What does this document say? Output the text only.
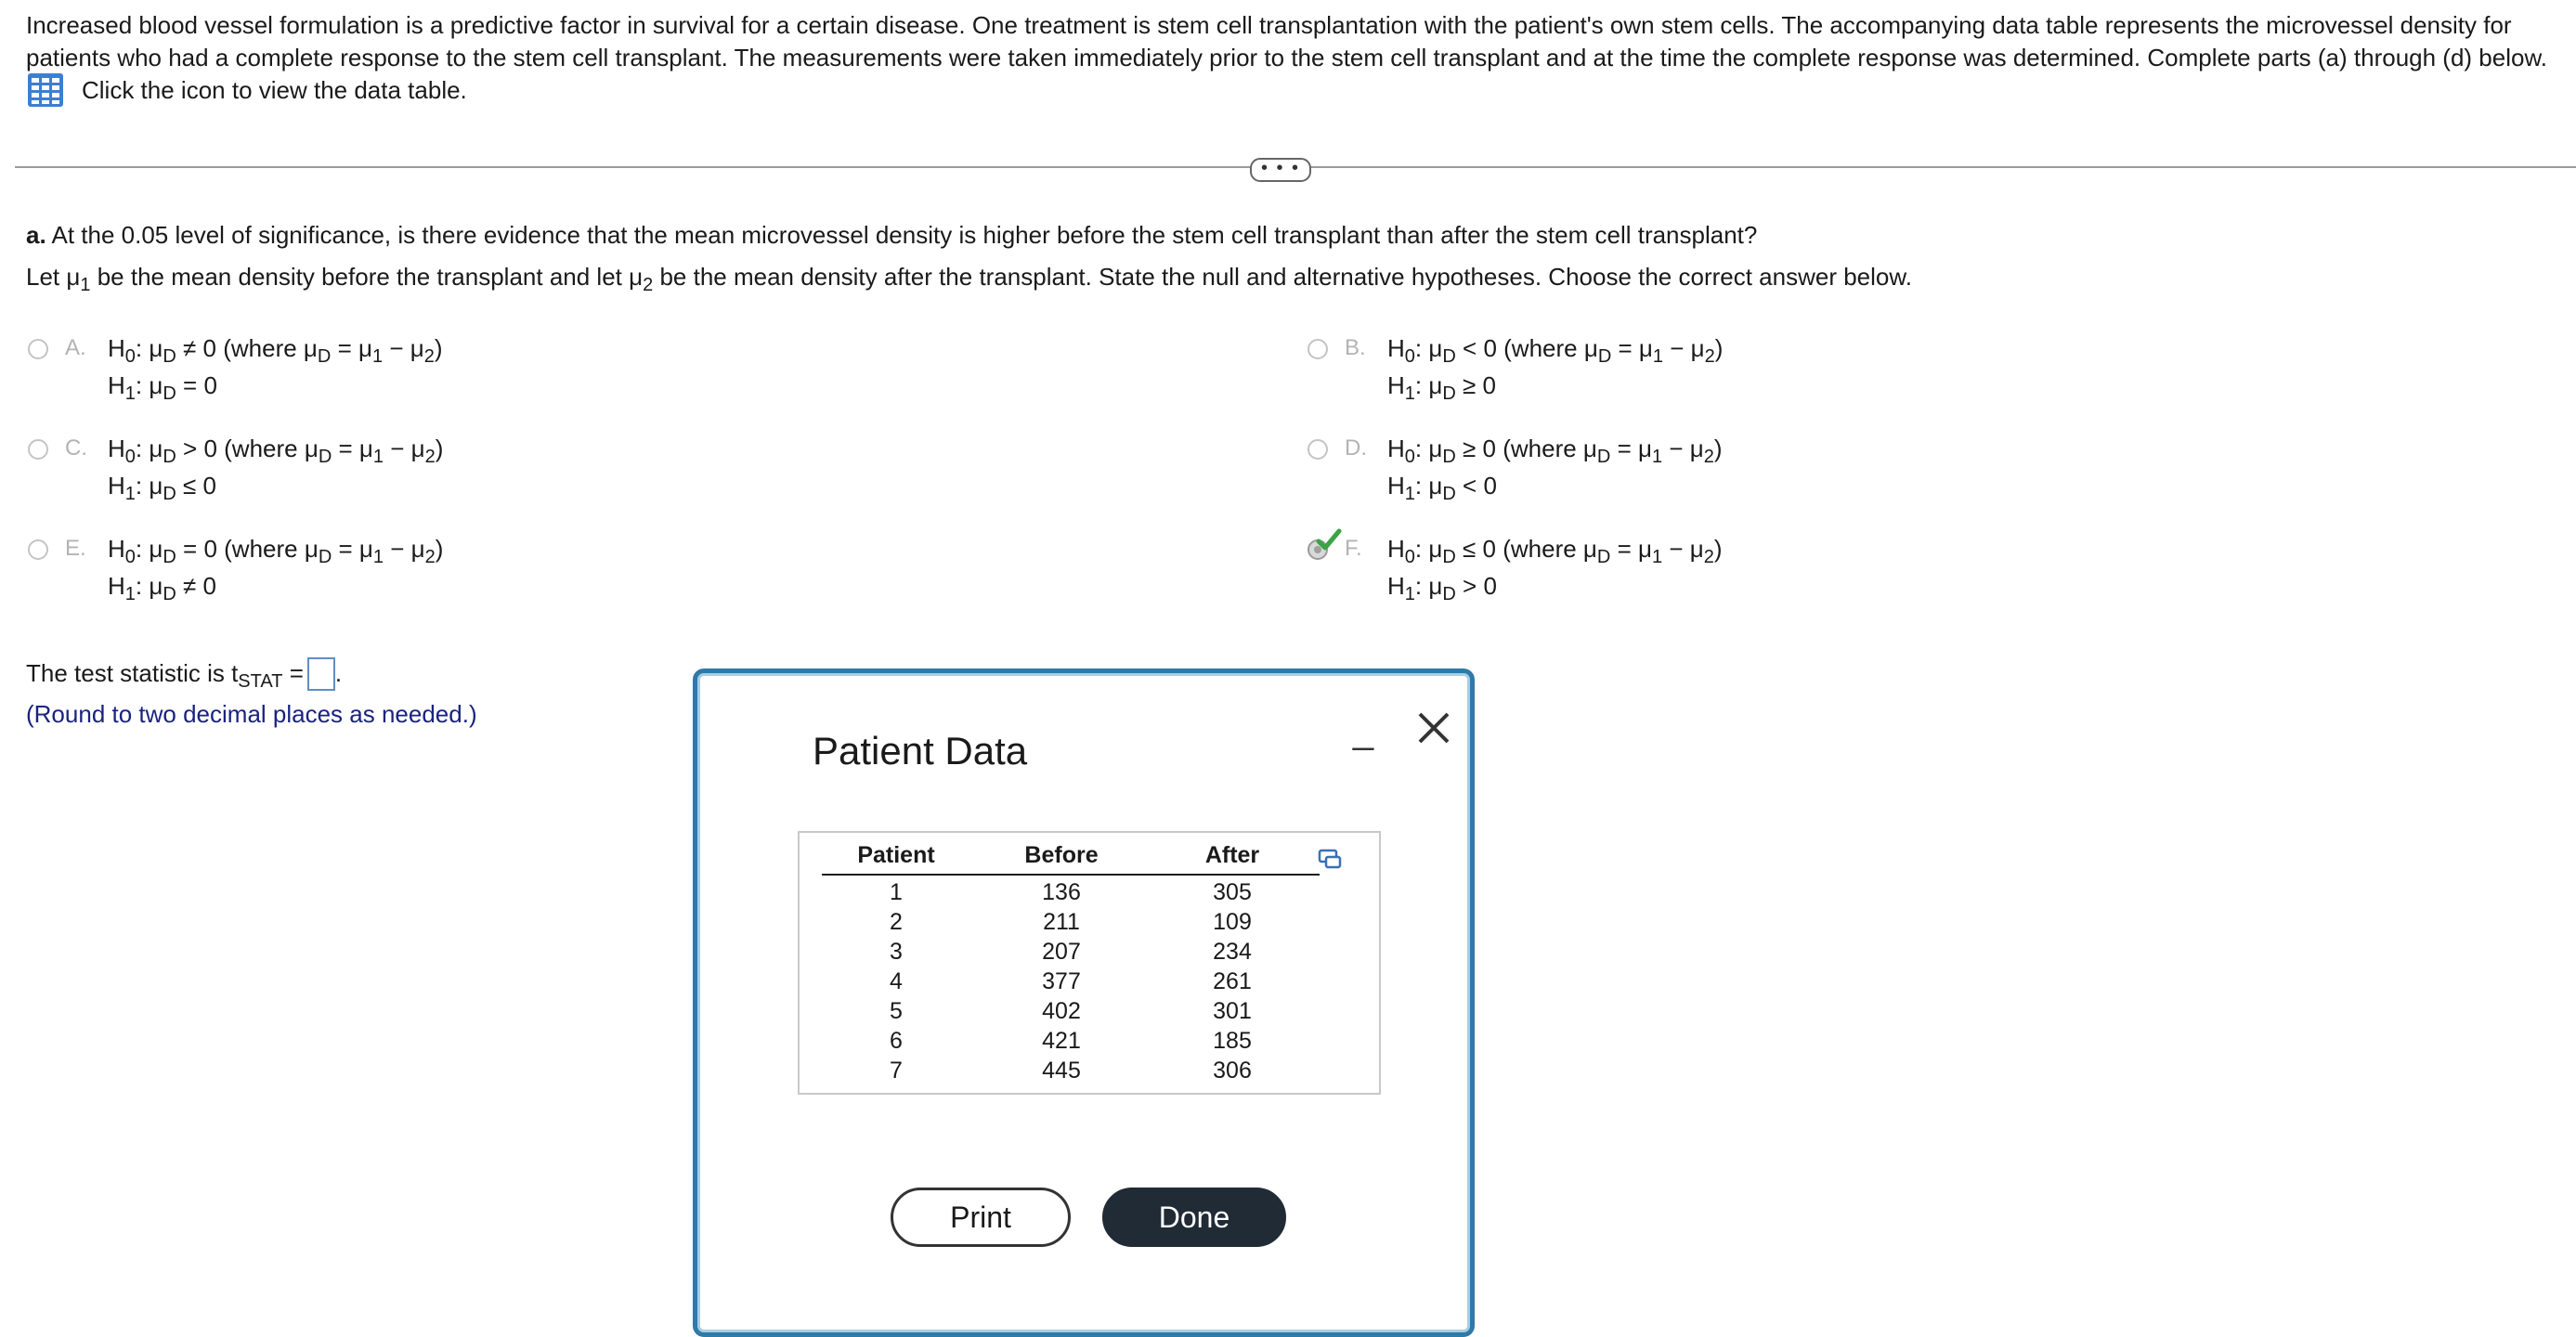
Increased blood vessel formulation is a predictive factor in survival for a certain disease. One treatment is stem cell transplantation with the patient's own stem cells. The accompanying data table represents the microvessel density for patients who had a complete response to the stem cell transplant. The measurements were taken immediately prior to the stem cell transplant and at the time the complete response was determined. Complete parts (a) through (d) below.
Click the icon to view the data table.
• • •
a. At the 0.05 level of significance, is there evidence that the mean microvessel density is higher before the stem cell transplant than after the stem cell transplant?
Let $\mu_1$ be the mean density before the transplant and let $\mu_2$ be the mean density after the transplant. State the null and alternative hypotheses. Choose the correct answer below.
A. $H_0$: $\mu_D \ne 0$ (where $\mu_D = \mu_1 - \mu_2$)
$H_1$: $\mu_D = 0$
B. $H_0$: $\mu_D < 0$ (where $\mu_D = \mu_1 - \mu_2$)
$H_1$: $\mu_D \ge 0$
C. $H_0$: $\mu_D > 0$ (where $\mu_D = \mu_1 - \mu_2$)
$H_1$: $\mu_D \le 0$
D. $H_0$: $\mu_D \ge 0$ (where $\mu_D = \mu_1 - \mu_2$)
$H_1$: $\mu_D < 0$
E. $H_0$: $\mu_D = 0$ (where $\mu_D = \mu_1 - \mu_2$)
$H_1$: $\mu_D \ne 0$
F. $H_0$: $\mu_D \le 0$ (where $\mu_D = \mu_1 - \mu_2$)
$H_1$: $\mu_D > 0$
The test statistic is $t_{STAT}$ = .
(Round to two decimal places as needed.)
Patient Data	_
Patient	Before	After
1	136	305
2	211	109
3	207	234
4	377	261
5	402	301
6	421	185
7	445	306
Print	Done
